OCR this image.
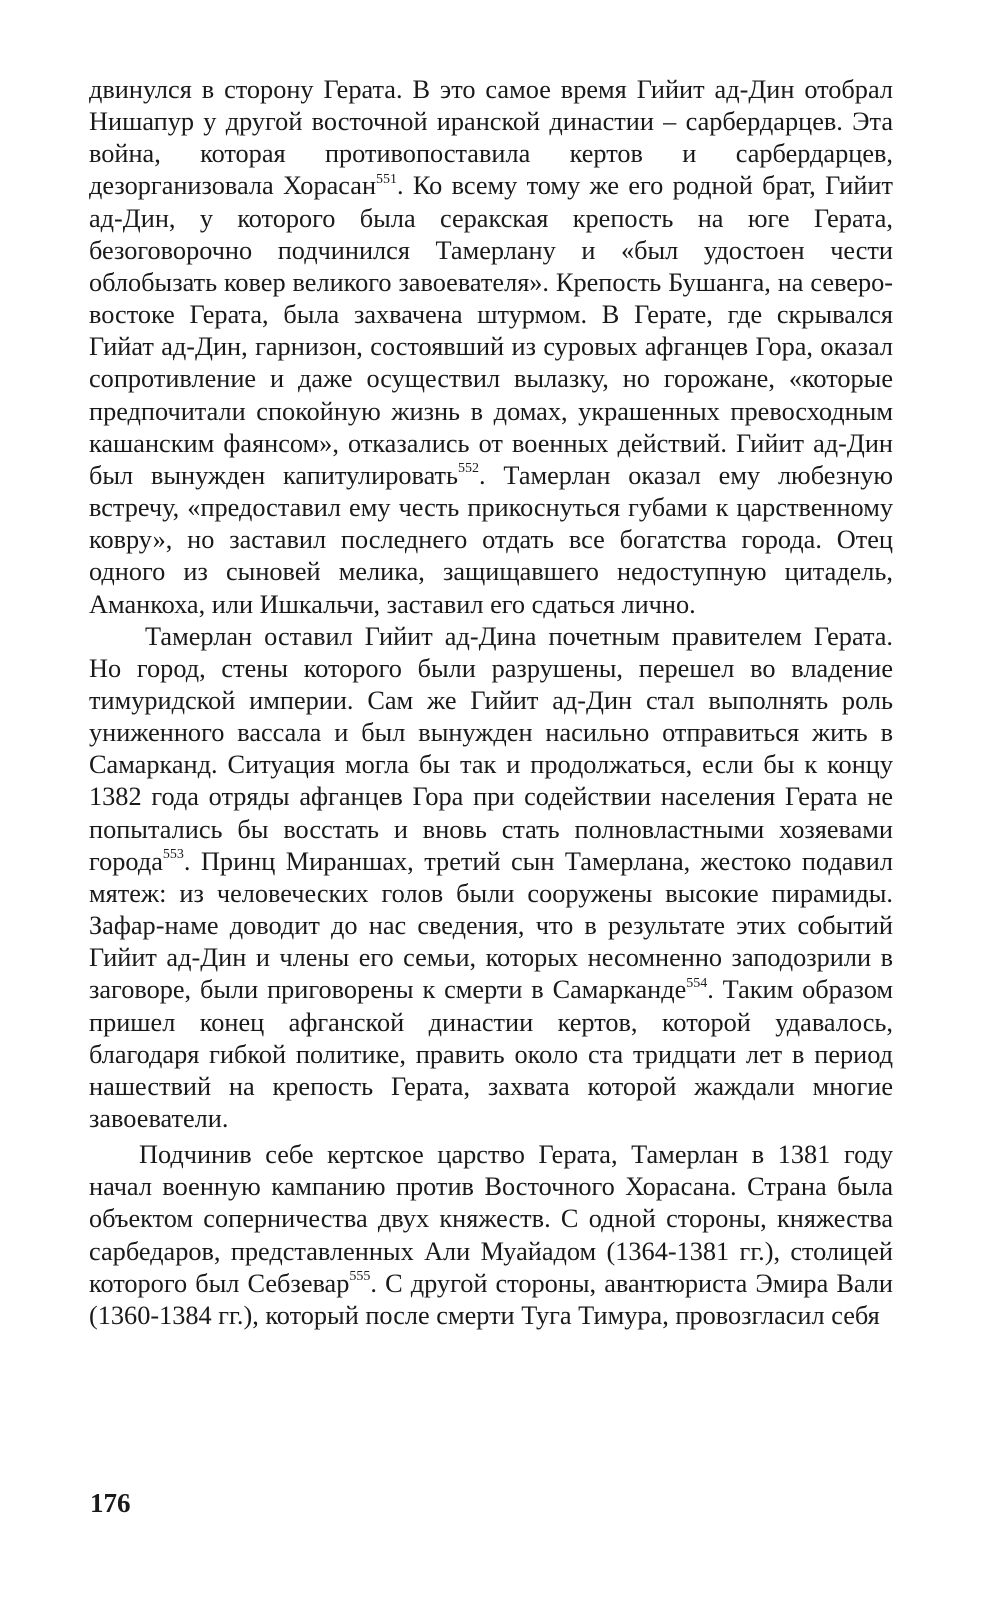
двинулся в сторону Герата. В это самое время Гийит ад-Дин отобрал Нишапур у другой восточной иранской династии – сарбердарцев. Эта война, которая противопоставила кертов и сарбердарцев, дезорганизовала Хорасан$^{551}$. Ко всему тому же его родной брат, Гийит ад-Дин, у которого была серакская крепость на юге Герата, безоговорочно подчинился Тамерлану и «был удостоен чести облобызать ковер великого завоевателя». Крепость Бушанга, на северо-востоке Герата, была захвачена штурмом. В Герате, где скрывался Гийат ад-Дин, гарнизон, состоявший из суровых афганцев Гора, оказал сопротивление и даже осуществил вылазку, но горожане, «которые предпочитали спокойную жизнь в домах, украшенных превосходным кашанским фаянсом», отказались от военных действий. Гийит ад-Дин был вынужден капитулировать$^{552}$. Тамерлан оказал ему любезную встречу, «предоставил ему честь прикоснуться губами к царственному ковру», но заставил последнего отдать все богатства города. Отец одного из сыновей мелика, защищавшего недоступную цитадель, Аманкоха, или Ишкальчи, заставил его сдаться лично.

Тамерлан оставил Гийит ад-Дина почетным правителем Герата. Но город, стены которого были разрушены, перешел во владение тимуридской империи. Сам же Гийит ад-Дин стал выполнять роль униженного вассала и был вынужден насильно отправиться жить в Самарканд. Ситуация могла бы так и продолжаться, если бы к концу 1382 года отряды афганцев Гора при содействии населения Герата не попытались бы восстать и вновь стать полновластными хозяевами города$^{553}$. Принц Мираншах, третий сын Тамерлана, жестоко подавил мятеж: из человеческих голов были сооружены высокие пирамиды. Зафар-наме доводит до нас сведения, что в результате этих событий Гийит ад-Дин и члены его семьи, которых несомненно заподозрили в заговоре, были приговорены к смерти в Самарканде$^{554}$. Таким образом пришел конец афганской династии кертов, которой удавалось, благодаря гибкой политике, править около ста тридцати лет в период нашествий на крепость Герата, захвата которой жаждали многие завоеватели.

Подчинив себе кертское царство Герата, Тамерлан в 1381 году начал военную кампанию против Восточного Хорасана. Страна была объектом соперничества двух княжеств. С одной стороны, княжества сарбедаров, представленных Али Муайадом (1364-1381 гг.), столицей которого был Себзевар$^{555}$. С другой стороны, авантюриста Эмира Вали (1360-1384 гг.), который после смерти Туга Тимура, провозгласил себя

176
